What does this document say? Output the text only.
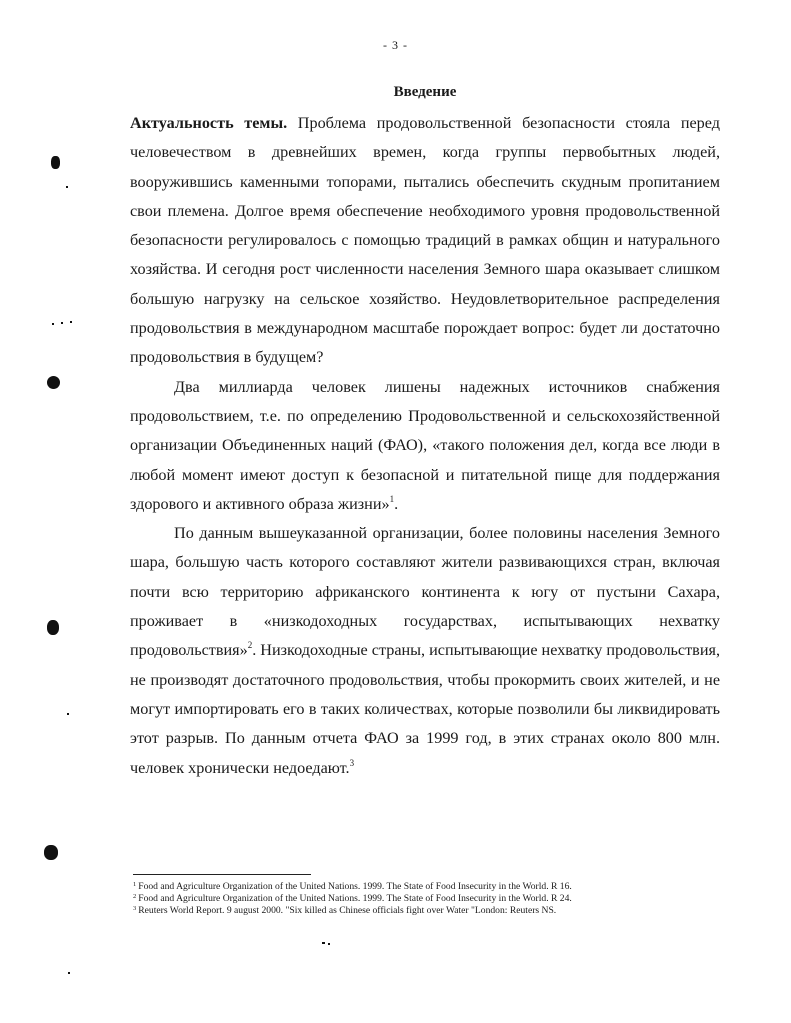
- 3 -
Введение

Актуальность темы. Проблема продовольственной безопасности стояла перед человечеством в древнейших времен, когда группы первобытных людей, вооружившись каменными топорами, пытались обеспечить скудным пропитанием свои племена. Долгое время обеспечение необходимого уровня продовольственной безопасности регулировалось с помощью традиций в рамках общин и натурального хозяйства. И сегодня рост численности населения Земного шара оказывает слишком большую нагрузку на сельское хозяйство. Неудовлетворительное распределения продовольствия в международном масштабе порождает вопрос: будет ли достаточно продовольствия в будущем?

Два миллиарда человек лишены надежных источников снабжения продовольствием, т.е. по определению Продовольственной и сельскохозяйственной организации Объединенных наций (ФАО), «такого положения дел, когда все люди в любой момент имеют доступ к безопасной и питательной пище для поддержания здорового и активного образа жизни»$^1$.

По данным вышеуказанной организации, более половины населения Земного шара, большую часть которого составляют жители развивающихся стран, включая почти всю территорию африканского континента к югу от пустыни Сахара, проживает в «низкодоходных государствах, испытывающих нехватку продовольствия»$^2$. Низкодоходные страны, испытывающие нехватку продовольствия, не производят достаточного продовольствия, чтобы прокормить своих жителей, и не могут импортировать его в таких количествах, которые позволили бы ликвидировать этот разрыв. По данным отчета ФАО за 1999 год, в этих странах около 800 млн. человек хронически недоедают.$^3$

$^1$ Food and Agriculture Organization of the United Nations. 1999. The State of Food Insecurity in the World. R 16.
$^2$ Food and Agriculture Organization of the United Nations. 1999. The State of Food Insecurity in the World. R 24.
$^3$ Reuters World Report. 9 august 2000. "Six killed as Chinese officials fight over Water "London: Reuters NS.
